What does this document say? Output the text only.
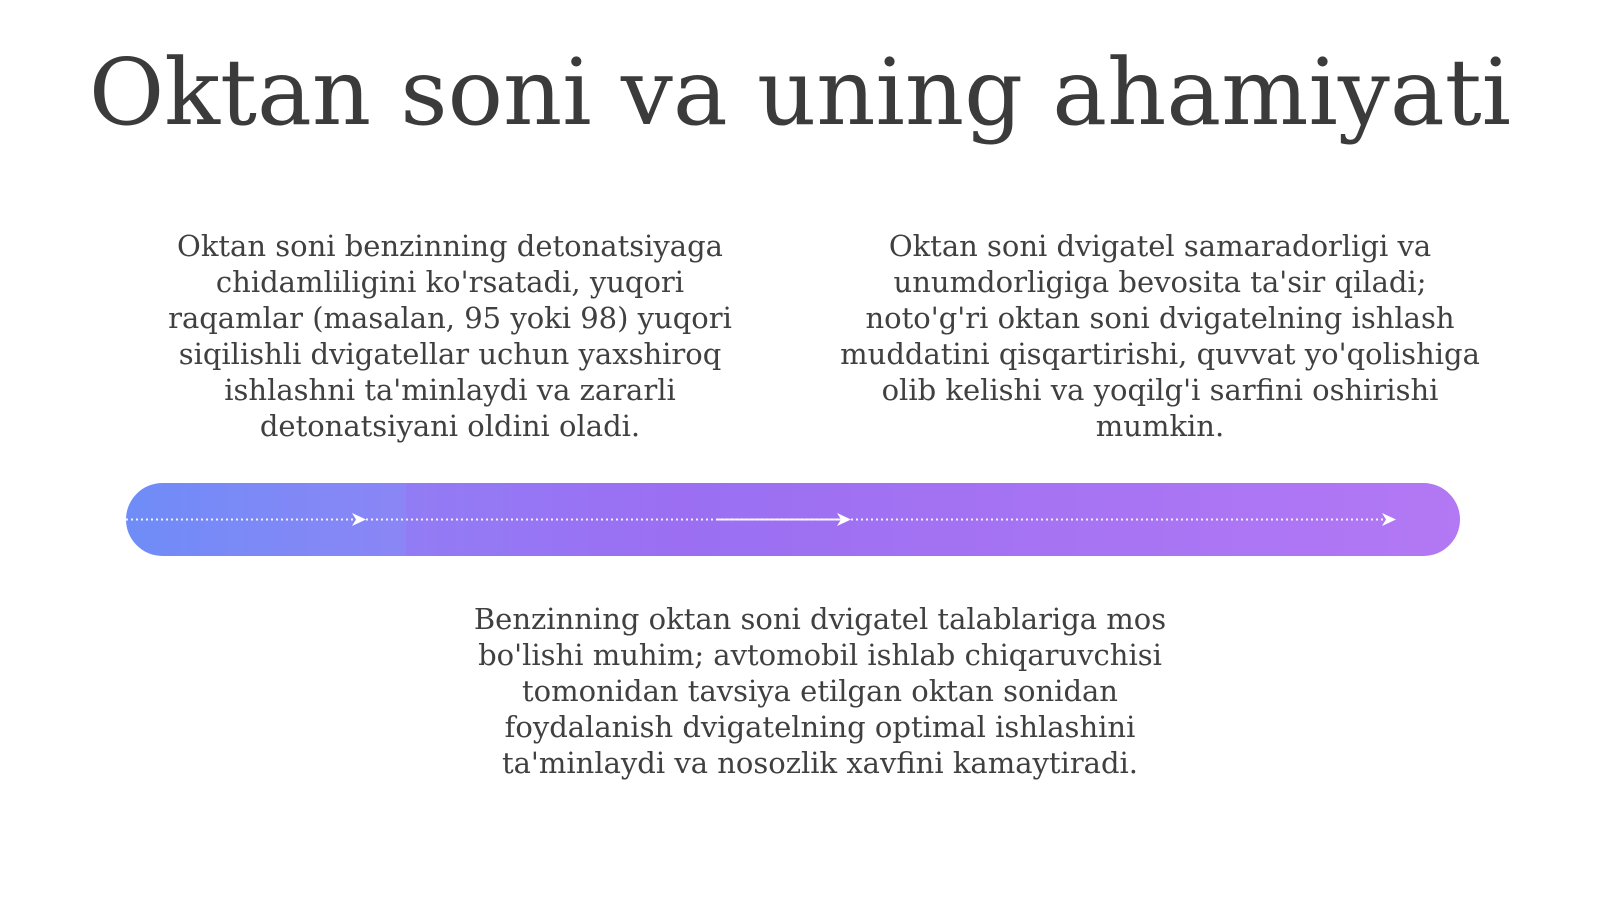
Oktan soni va uning ahamiyati

Oktan soni benzinning detonatsiyaga chidamliligini ko'rsatadi, yuqori raqamlar (masalan, 95 yoki 98) yuqori siqilishli dvigatellar uchun yaxshiroq ishlashni ta'minlaydi va zararli detonatsiyani oldini oladi.

Oktan soni dvigatel samaradorligi va unumdorligiga bevosita ta'sir qiladi; noto'g'ri oktan soni dvigatelning ishlash muddatini qisqartirishi, quvvat yo'qolishiga olib kelishi va yoqilg'i sarfini oshirishi mumkin.

Benzinning oktan soni dvigatel talablariga mos bo'lishi muhim; avtomobil ishlab chiqaruvchisi tomonidan tavsiya etilgan oktan sonidan foydalanish dvigatelning optimal ishlashini ta'minlaydi va nosozlik xavfini kamaytiradi.
